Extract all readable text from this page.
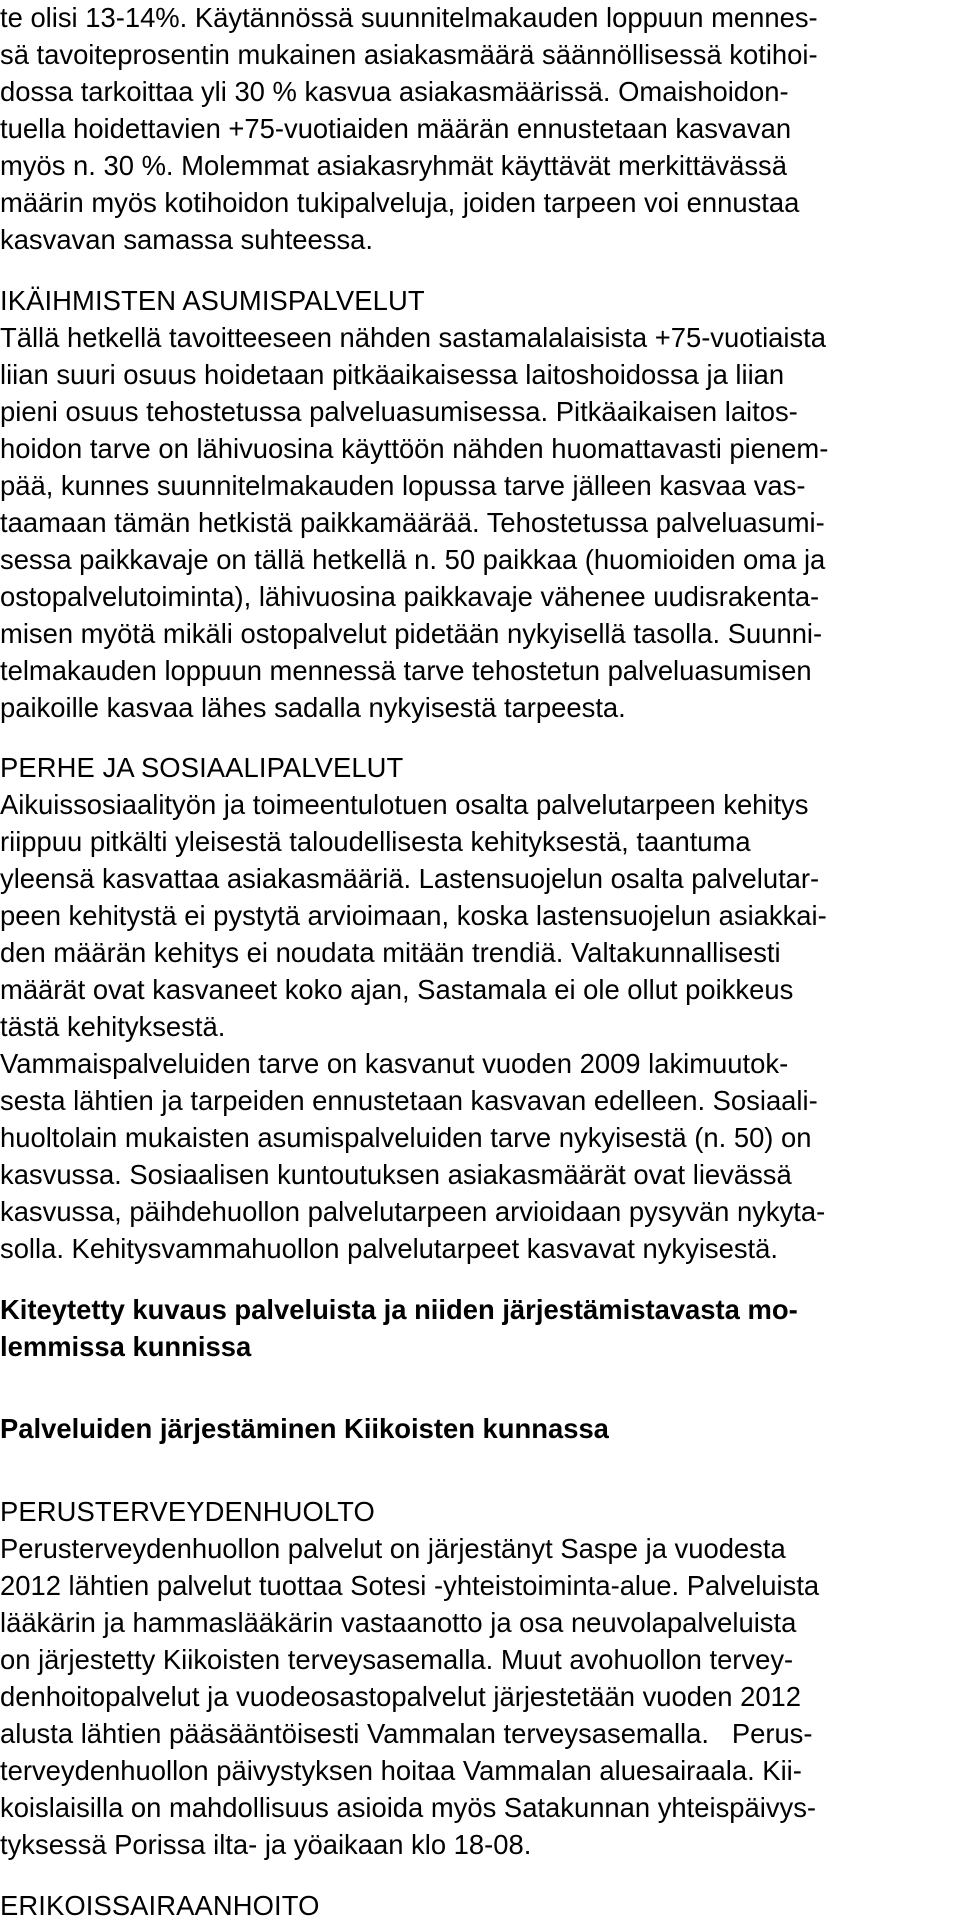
te olisi 13-14%. Käytännössä suunnitelmakauden loppuun mennes-
sä tavoiteprosentin mukainen asiakasmäärä säännöllisessä kotihoi-
dossa tarkoittaa yli 30 % kasvua asiakasmäärissä. Omaishoidon-
tuella hoidettavien +75-vuotiaiden määrän ennustetaan kasvavan
myös n. 30 %. Molemmat asiakasryhmät käyttävät merkittävässä
määrin myös kotihoidon tukipalveluja, joiden tarpeen voi ennustaa
kasvavan samassa suhteessa.
IKÄIHMISTEN ASUMISPALVELUT
Tällä hetkellä tavoitteeseen nähden sastamalalaisista +75-vuotiaista
liian suuri osuus hoidetaan pitkäaikaisessa laitoshoidossa ja liian
pieni osuus tehostetussa palveluasumisessa. Pitkäaikaisen laitos-
hoidon tarve on lähivuosina käyttöön nähden huomattavasti pienem-
pää, kunnes suunnitelmakauden lopussa tarve jälleen kasvaa vas-
taamaan tämän hetkistä paikkamäärää. Tehostetussa palveluasumi-
sessa paikkavaje on tällä hetkellä n. 50 paikkaa (huomioiden oma ja
ostopalvelutoiminta), lähivuosina paikkavaje vähenee uudisrakenta-
misen myötä mikäli ostopalvelut pidetään nykyisellä tasolla. Suunni-
telmakauden loppuun mennessä tarve tehostetun palveluasumisen
paikoille kasvaa lähes sadalla nykyisestä tarpeesta.
PERHE JA SOSIAALIPALVELUT
Aikuissosiaalityön ja toimeentulotuen osalta palvelutarpeen kehitys
riippuu pitkälti yleisestä taloudellisesta kehityksestä, taantuma
yleensä kasvattaa asiakasmääriä. Lastensuojelun osalta palvelutar-
peen kehitystä ei pystytä arvioimaan, koska lastensuojelun asiakkai-
den määrän kehitys ei noudata mitään trendiä. Valtakunnallisesti
määrät ovat kasvaneet koko ajan, Sastamala ei ole ollut poikkeus
tästä kehityksestä.
Vammaispalveluiden tarve on kasvanut vuoden 2009 lakimuutok-
sesta lähtien ja tarpeiden ennustetaan kasvavan edelleen. Sosiaali-
huoltolain mukaisten asumispalveluiden tarve nykyisestä (n. 50) on
kasvussa. Sosiaalisen kuntoutuksen asiakasmäärät ovat lievässä
kasvussa, päihdehuollon palvelutarpeen arvioidaan pysyvän nykyta-
solla. Kehitysvammahuollon palvelutarpeet kasvavat nykyisestä.
Kiteytetty kuvaus palveluista ja niiden järjestämistavasta mo-
lemmissa kunnissa
Palveluiden järjestäminen Kiikoisten kunnassa
PERUSTERVEYDENHUOLTO
Perusterveydenhuollon palvelut on järjestänyt Saspe ja vuodesta
2012 lähtien palvelut tuottaa Sotesi -yhteistoiminta-alue. Palveluista
lääkärin ja hammaslääkärin vastaanotto ja osa neuvolapalveluista
on järjestetty Kiikoisten terveysasemalla. Muut avohuollon tervey-
denhoitopalvelut ja vuodeosastopalvelut järjestetään vuoden 2012
alusta lähtien pääsääntöisesti Vammalan terveysasemalla.   Perus-
terveydenhuollon päivystyksen hoitaa Vammalan aluesairaala. Kii-
koislaisilla on mahdollisuus asioida myös Satakunnan yhteispäivys-
tyksessä Porissa ilta- ja yöaikaan klo 18-08.
ERIKOISSAIRAANHOITO
